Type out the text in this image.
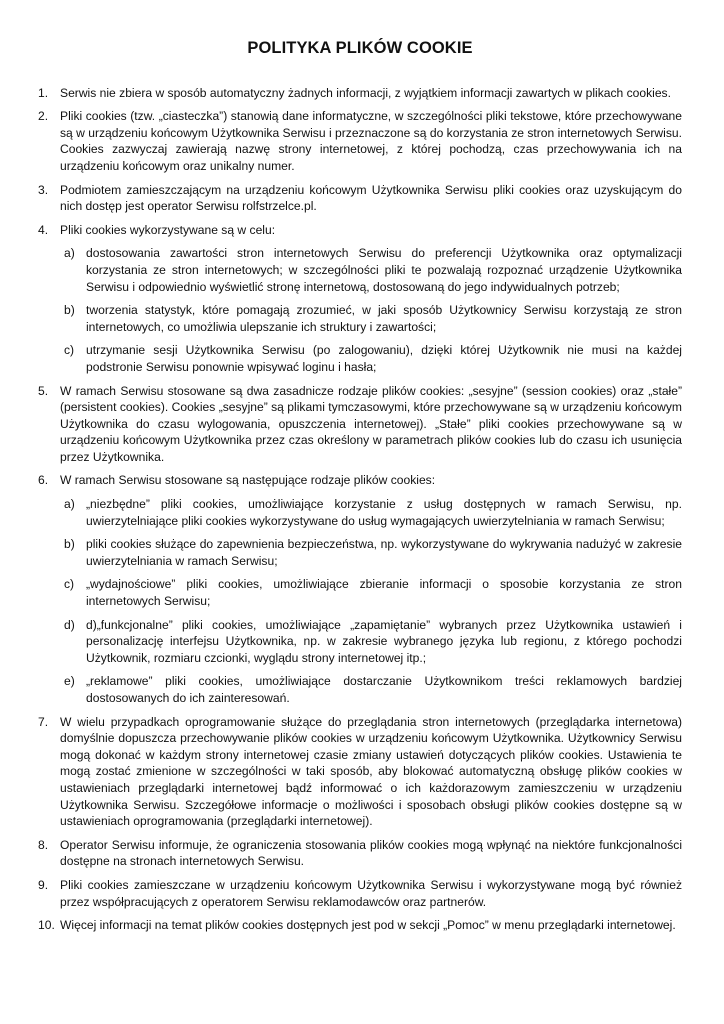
POLITYKA PLIKÓW COOKIE
1. Serwis nie zbiera w sposób automatyczny żadnych informacji, z wyjątkiem informacji zawartych w plikach cookies.
2. Pliki cookies (tzw. „ciasteczka”) stanowią dane informatyczne, w szczególności pliki tekstowe, które przechowywane są w urządzeniu końcowym Użytkownika Serwisu i przeznaczone są do korzystania ze stron internetowych Serwisu. Cookies zazwyczaj zawierają nazwę strony internetowej, z której pochodzą, czas przechowywania ich na urządzeniu końcowym oraz unikalny numer.
3. Podmiotem zamieszczającym na urządzeniu końcowym Użytkownika Serwisu pliki cookies oraz uzyskującym do nich dostęp jest operator Serwisu rolfstrzelce.pl.
4. Pliki cookies wykorzystywane są w celu:
a) dostosowania zawartości stron internetowych Serwisu do preferencji Użytkownika oraz optymalizacji korzystania ze stron internetowych; w szczególności pliki te pozwalają rozpoznać urządzenie Użytkownika Serwisu i odpowiednio wyświetlić stronę internetową, dostosowaną do jego indywidualnych potrzeb;
b) tworzenia statystyk, które pomagają zrozumieć, w jaki sposób Użytkownicy Serwisu korzystają ze stron internetowych, co umożliwia ulepszanie ich struktury i zawartości;
c) utrzymanie sesji Użytkownika Serwisu (po zalogowaniu), dzięki której Użytkownik nie musi na każdej podstronie Serwisu ponownie wpisywać loginu i hasła;
5. W ramach Serwisu stosowane są dwa zasadnicze rodzaje plików cookies: „sesyjne” (session cookies) oraz „stałe” (persistent cookies). Cookies „sesyjne” są plikami tymczasowymi, które przechowywane są w urządzeniu końcowym Użytkownika do czasu wylogowania, opuszczenia internetowej). „Stałe” pliki cookies przechowywane są w urządzeniu końcowym Użytkownika przez czas określony w parametrach plików cookies lub do czasu ich usunięcia przez Użytkownika.
6. W ramach Serwisu stosowane są następujące rodzaje plików cookies:
a) „niezbędne” pliki cookies, umożliwiające korzystanie z usług dostępnych w ramach Serwisu, np. uwierzytelniające pliki cookies wykorzystywane do usług wymagających uwierzytelniania w ramach Serwisu;
b) pliki cookies służące do zapewnienia bezpieczeństwa, np. wykorzystywane do wykrywania nadużyć w zakresie uwierzytelniania w ramach Serwisu;
c) „wydajnościowe” pliki cookies, umożliwiające zbieranie informacji o sposobie korzystania ze stron internetowych Serwisu;
d) d)„funkcjonalne” pliki cookies, umożliwiające „zapamiętanie” wybranych przez Użytkownika ustawień i personalizację interfejsu Użytkownika, np. w zakresie wybranego języka lub regionu, z którego pochodzi Użytkownik, rozmiaru czcionki, wyglądu strony internetowej itp.;
e) „reklamowe” pliki cookies, umożliwiające dostarczanie Użytkownikom treści reklamowych bardziej dostosowanych do ich zainteresowań.
7. W wielu przypadkach oprogramowanie służące do przeglądania stron internetowych (przeglądarka internetowa) domyślnie dopuszcza przechowywanie plików cookies w urządzeniu końcowym Użytkownika. Użytkownicy Serwisu mogą dokonać w każdym strony internetowej czasie zmiany ustawień dotyczących plików cookies. Ustawienia te mogą zostać zmienione w szczególności w taki sposób, aby blokować automatyczną obsługę plików cookies w ustawieniach przeglądarki internetowej bądź informować o ich każdorazowym zamieszczeniu w urządzeniu Użytkownika Serwisu. Szczegółowe informacje o możliwości i sposobach obsługi plików cookies dostępne są w ustawieniach oprogramowania (przeglądarki internetowej).
8. Operator Serwisu informuje, że ograniczenia stosowania plików cookies mogą wpłynąć na niektóre funkcjonalności dostępne na stronach internetowych Serwisu.
9. Pliki cookies zamieszczane w urządzeniu końcowym Użytkownika Serwisu i wykorzystywane mogą być również przez współpracujących z operatorem Serwisu reklamodawców oraz partnerów.
10. Więcej informacji na temat plików cookies dostępnych jest pod w sekcji „Pomoc” w menu przeglądarki internetowej.
